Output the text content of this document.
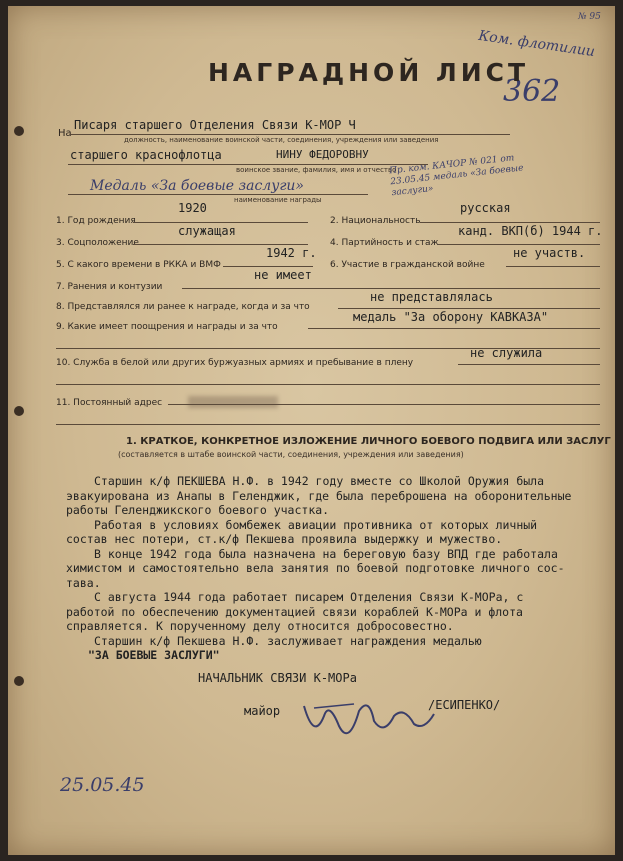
Ком. флотилии
№ 95
362
НАГРАДНОЙ ЛИСТ
На
Писаря старшего Отделения Связи К-МОР Ч
должность, наименование воинской части, соединения, учреждения или заведения
старшего краснофлотца	НИНУ ФЕДОРОВНУ
воинское звание, фамилия, имя и отчество
Медаль «За боевые заслуги»
Пр. ком. КАЧОР № 021 от 23.05.45 медаль «За боевые заслуги»
наименование награды
1. Год рождения
1920
2. Национальность
русская
3. Соцположение
служащая
4. Партийность и стаж
канд. ВКП(б) 1944 г.
5. С какого времени в РККА и ВМФ
1942 г.
6. Участие в гражданской войне
не участв.
7. Ранения и контузии
не имеет
8. Представлялся ли ранее к награде, когда и за что
не представлялась
9. Какие имеет поощрения и награды и за что
медаль "За оборону КАВКАЗА"
не служила
10. Служба в белой или других буржуазных армиях и пребывание в плену
11. Постоянный адрес
1. КРАТКОЕ, КОНКРЕТНОЕ ИЗЛОЖЕНИЕ ЛИЧНОГО БОЕВОГО ПОДВИГА ИЛИ ЗАСЛУГ
(составляется в штабе воинской части, соединения, учреждения или заведения)

Старшин к/ф ПЕКШЕВА Н.Ф. в 1942 году вместе со Школой Оружия была

эвакуирована из Анапы в Геленджик, где была переброшена на оборонительные

работы Геленджикского боевого участка.

Работая в условиях бомбежек авиации противника от которых личный

состав нес потери, ст.к/ф Пекшева проявила выдержку и мужество.

В конце 1942 года была назначена на береговую базу ВПД где работала

химистом и самостоятельно вела занятия по боевой подготовке личного сос-

тава.

С августа 1944 года работает писарем Отделения Связи К-МОРа, с

работой по обеспечению документацией связи кораблей К-МОРа и флота

справляется. К порученному делу относится добросовестно.

Старшин к/ф Пекшева Н.Ф. заслуживает награждения медалью

"ЗА БОЕВЫЕ ЗАСЛУГИ"

НАЧАЛЬНИК СВЯЗИ К-МОРа
майор	/ЕСИПЕНКО/
25.05.45
